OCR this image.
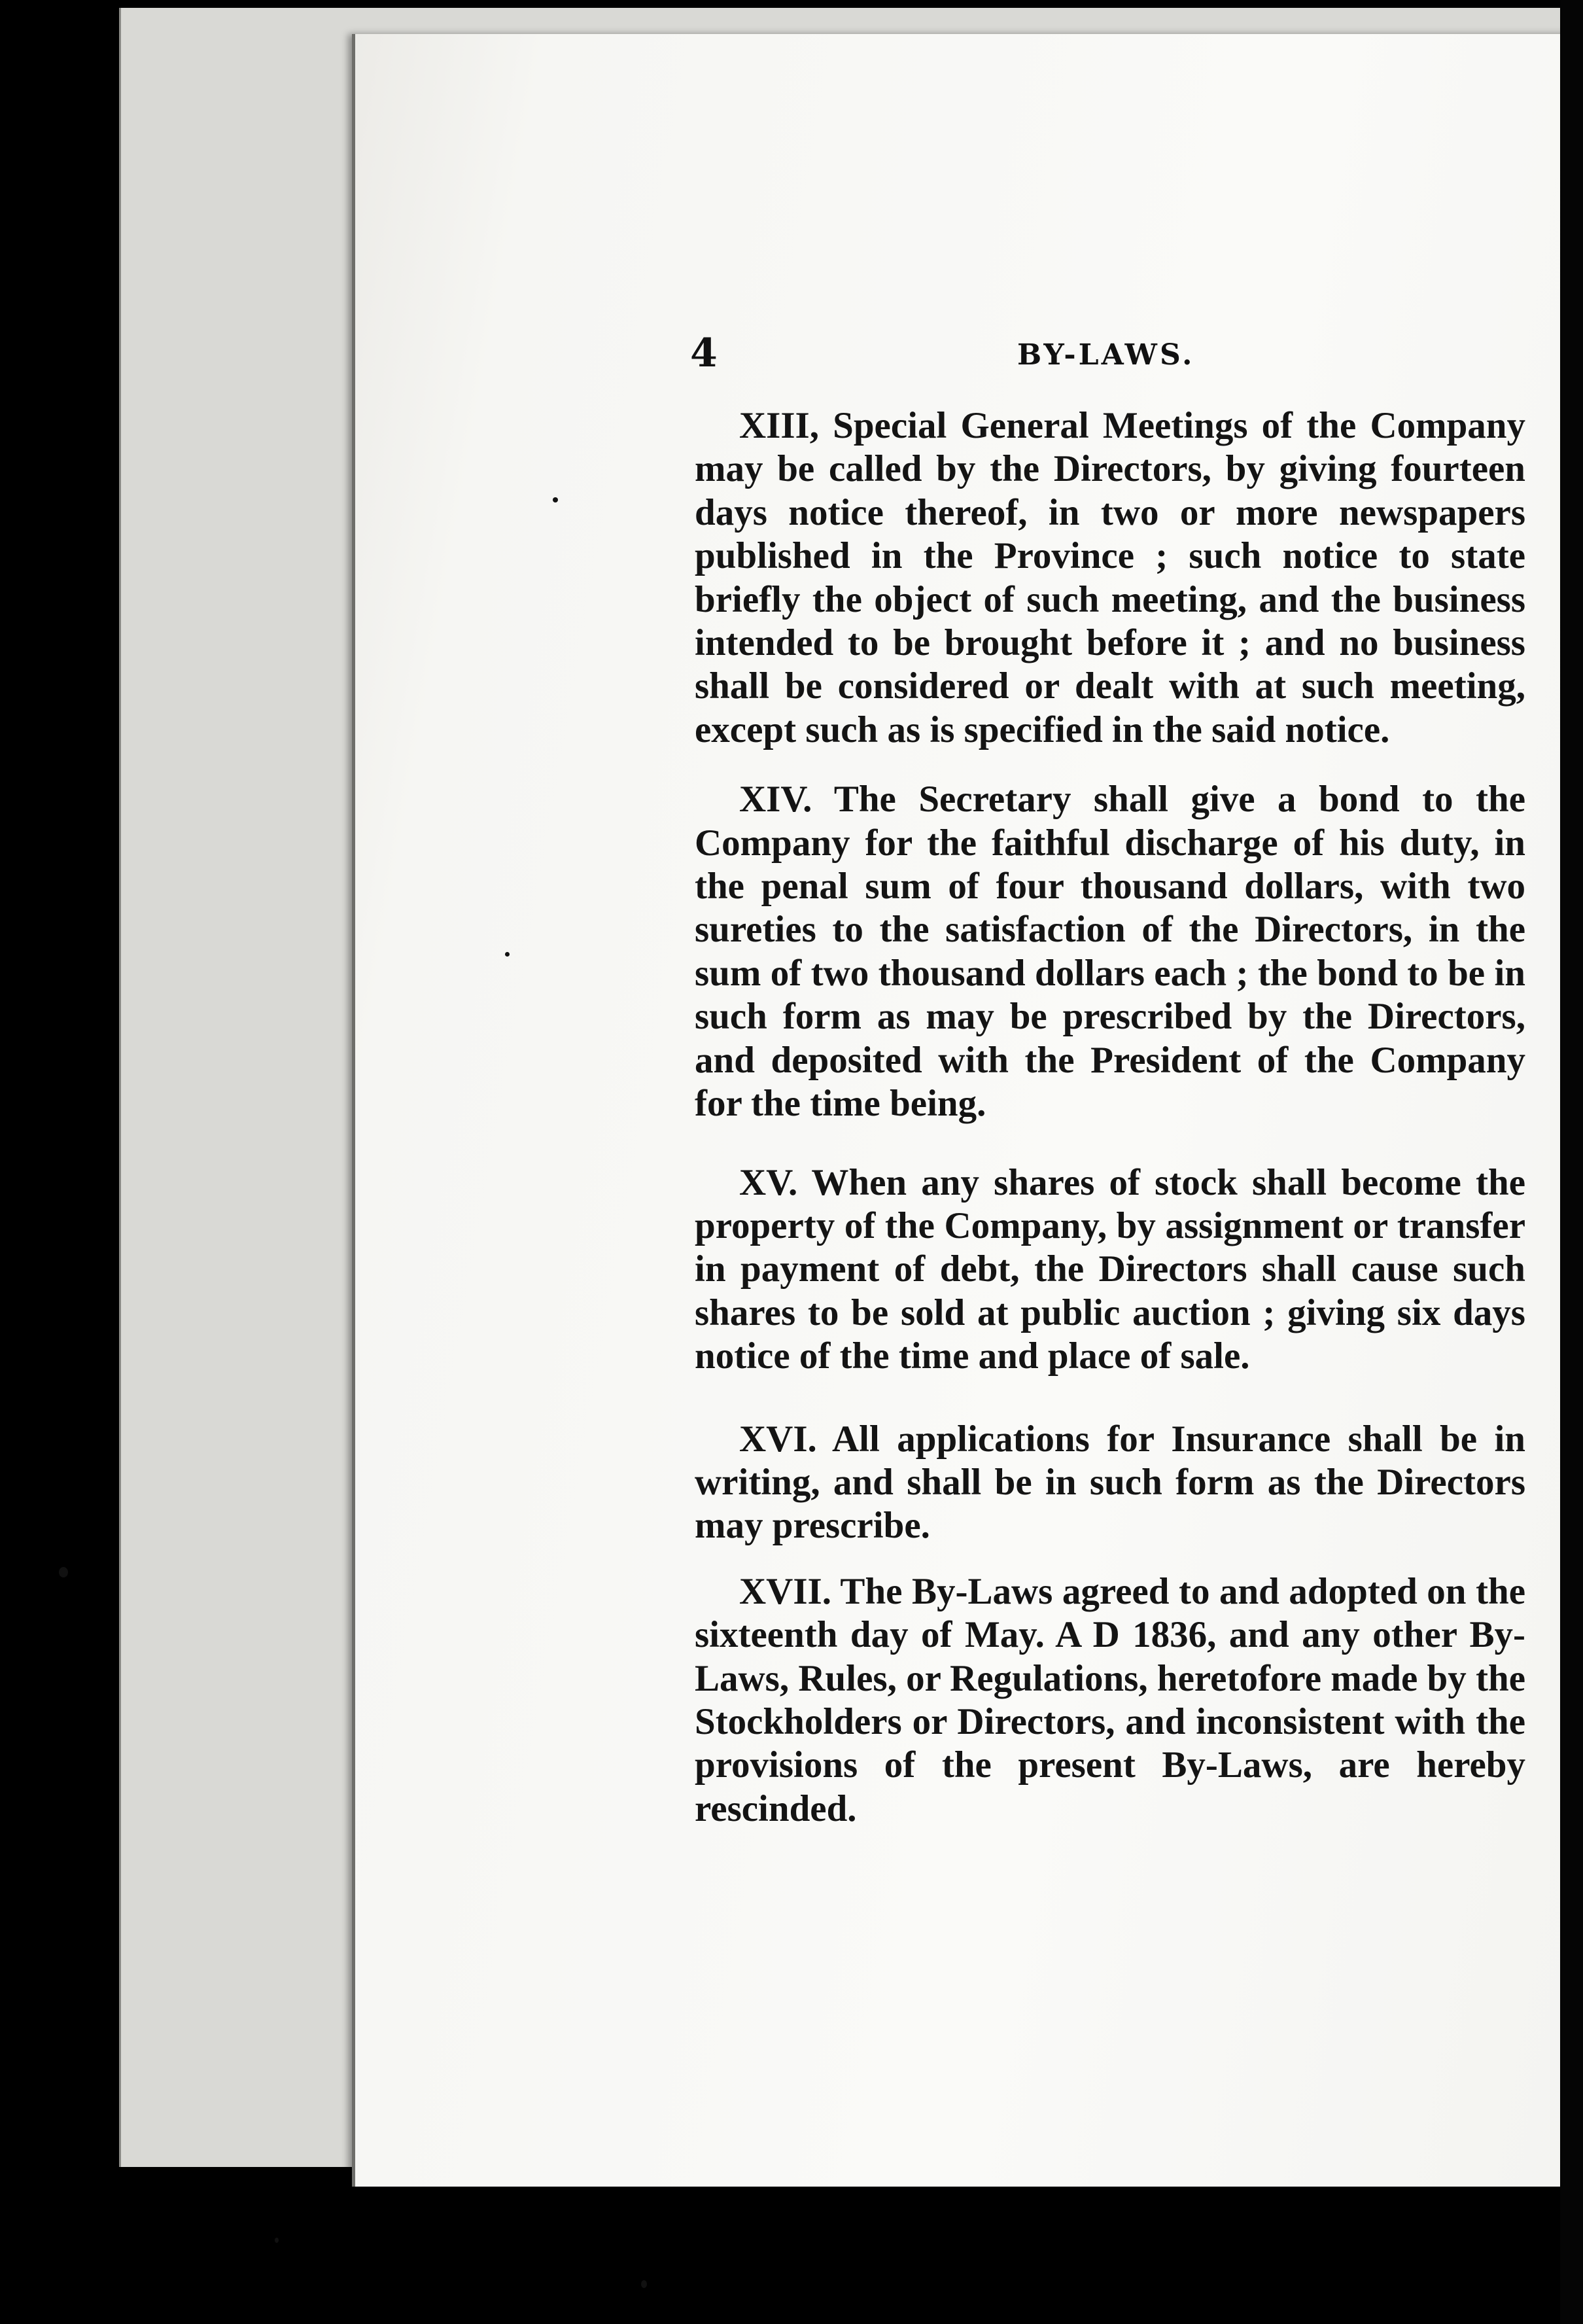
4	BY-LAWS.

XIII, Special General Meetings of the Company may be called by the Directors, by giving fourteen days notice thereof, in two or more newspapers published in the Province ; such notice to state briefly the object of such meeting, and the business intended to be brought before it ; and no business shall be considered or dealt with at such meeting, except such as is specified in the said notice.

XIV. The Secretary shall give a bond to the Company for the faithful discharge of his duty, in the penal sum of four thousand dollars, with two sureties to the satisfaction of the Directors, in the sum of two thousand dollars each ; the bond to be in such form as may be prescribed by the Directors, and deposited with the President of the Company for the time being.

XV. When any shares of stock shall become the property of the Company, by assignment or transfer in payment of debt, the Directors shall cause such shares to be sold at public auction ; giving six days notice of the time and place of sale.

XVI. All applications for Insurance shall be in writing, and shall be in such form as the Directors may prescribe.

XVII. The By-Laws agreed to and adopted on the sixteenth day of May. A D 1836, and any other By-Laws, Rules, or Regulations, heretofore made by the Stockholders or Directors, and inconsistent with the provisions of the present By-Laws, are hereby rescinded.
